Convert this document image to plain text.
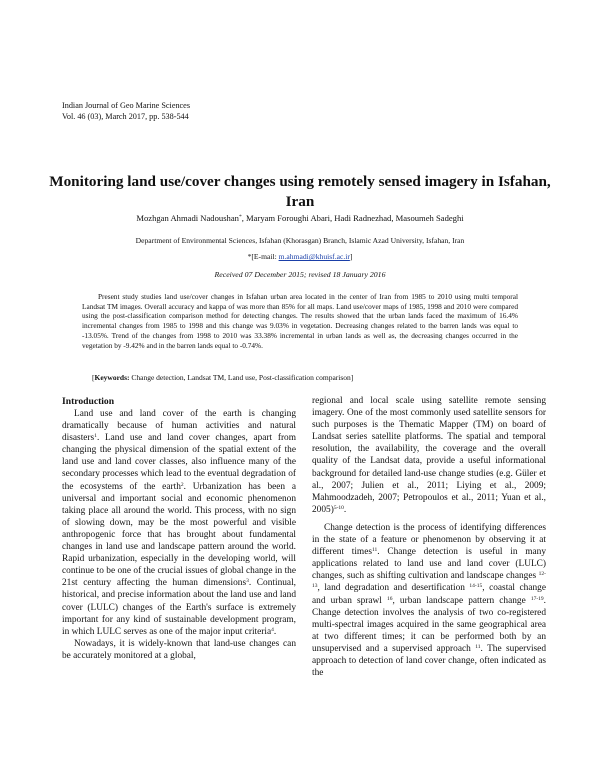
Indian Journal of Geo Marine Sciences
Vol. 46 (03), March 2017, pp. 538-544
Monitoring land use/cover changes using remotely sensed imagery in Isfahan,
Iran
Mozhgan Ahmadi Nadoushan*, Maryam Foroughi Abari, Hadi Radnezhad, Masoumeh Sadeghi
Department of Environmental Sciences, Isfahan (Khorasgan) Branch, Islamic Azad University, Isfahan, Iran
*[E-mail: m.ahmadi@khuisf.ac.ir]
Received 07 December 2015; revised 18 January 2016

Present study studies land use/cover changes in Isfahan urban area located in the center of Iran from 1985 to 2010 using multi temporal Landsat TM images. Overall accuracy and kappa of was more than 85% for all maps. Land use/cover maps of 1985, 1998 and 2010 were compared using the post-classification comparison method for detecting changes. The results showed that the urban lands faced the maximum of 16.4% incremental changes from 1985 to 1998 and this change was 9.03% in vegetation. Decreasing changes related to the barren lands was equal to -13.05%. Trend of the changes from 1998 to 2010 was 33.38% incremental in urban lands as well as, the decreasing changes occurred in the vegetation by -9.42% and in the barren lands equal to -0.74%.

[Keywords: Change detection, Landsat TM, Land use, Post-classification comparison]
Introduction

Land use and land cover of the earth is changing dramatically because of human activities and natural disasters$^1$. Land use and land cover changes, apart from changing the physical dimension of the spatial extent of the land use and land cover classes, also influence many of the secondary processes which lead to the eventual degradation of the ecosystems of the earth$^2$. Urbanization has been a universal and important social and economic phenomenon taking place all around the world. This process, with no sign of slowing down, may be the most powerful and visible anthropogenic force that has brought about fundamental changes in land use and landscape pattern around the world. Rapid urbanization, especially in the developing world, will continue to be one of the crucial issues of global change in the 21st century affecting the human dimensions$^3$. Continual, historical, and precise information about the land use and land cover (LULC) changes of the Earth's surface is extremely important for any kind of sustainable development program, in which LULC serves as one of the major input criteria$^4$.

Nowadays, it is widely-known that land-use changes can be accurately monitored at a global,

regional and local scale using satellite remote sensing imagery. One of the most commonly used satellite sensors for such purposes is the Thematic Mapper (TM) on board of Landsat series satellite platforms. The spatial and temporal resolution, the availability, the coverage and the overall quality of the Landsat data, provide a useful informational background for detailed land-use change studies (e.g. Güler et al., 2007; Julien et al., 2011; Liying et al., 2009; Mahmoodzadeh, 2007; Petropoulos et al., 2011; Yuan et al., 2005)$^{5-10}$.

Change detection is the process of identifying differences in the state of a feature or phenomenon by observing it at different times$^{11}$. Change detection is useful in many applications related to land use and land cover (LULC) changes, such as shifting cultivation and landscape changes $^{12-13}$, land degradation and desertification $^{14-15}$, coastal change and urban sprawl $^{16}$, urban landscape pattern change $^{17-19}$. Change detection involves the analysis of two co-registered multi-spectral images acquired in the same geographical area at two different times; it can be performed both by an unsupervised and a supervised approach $^{11}$. The supervised approach to detection of land cover change, often indicated as the
